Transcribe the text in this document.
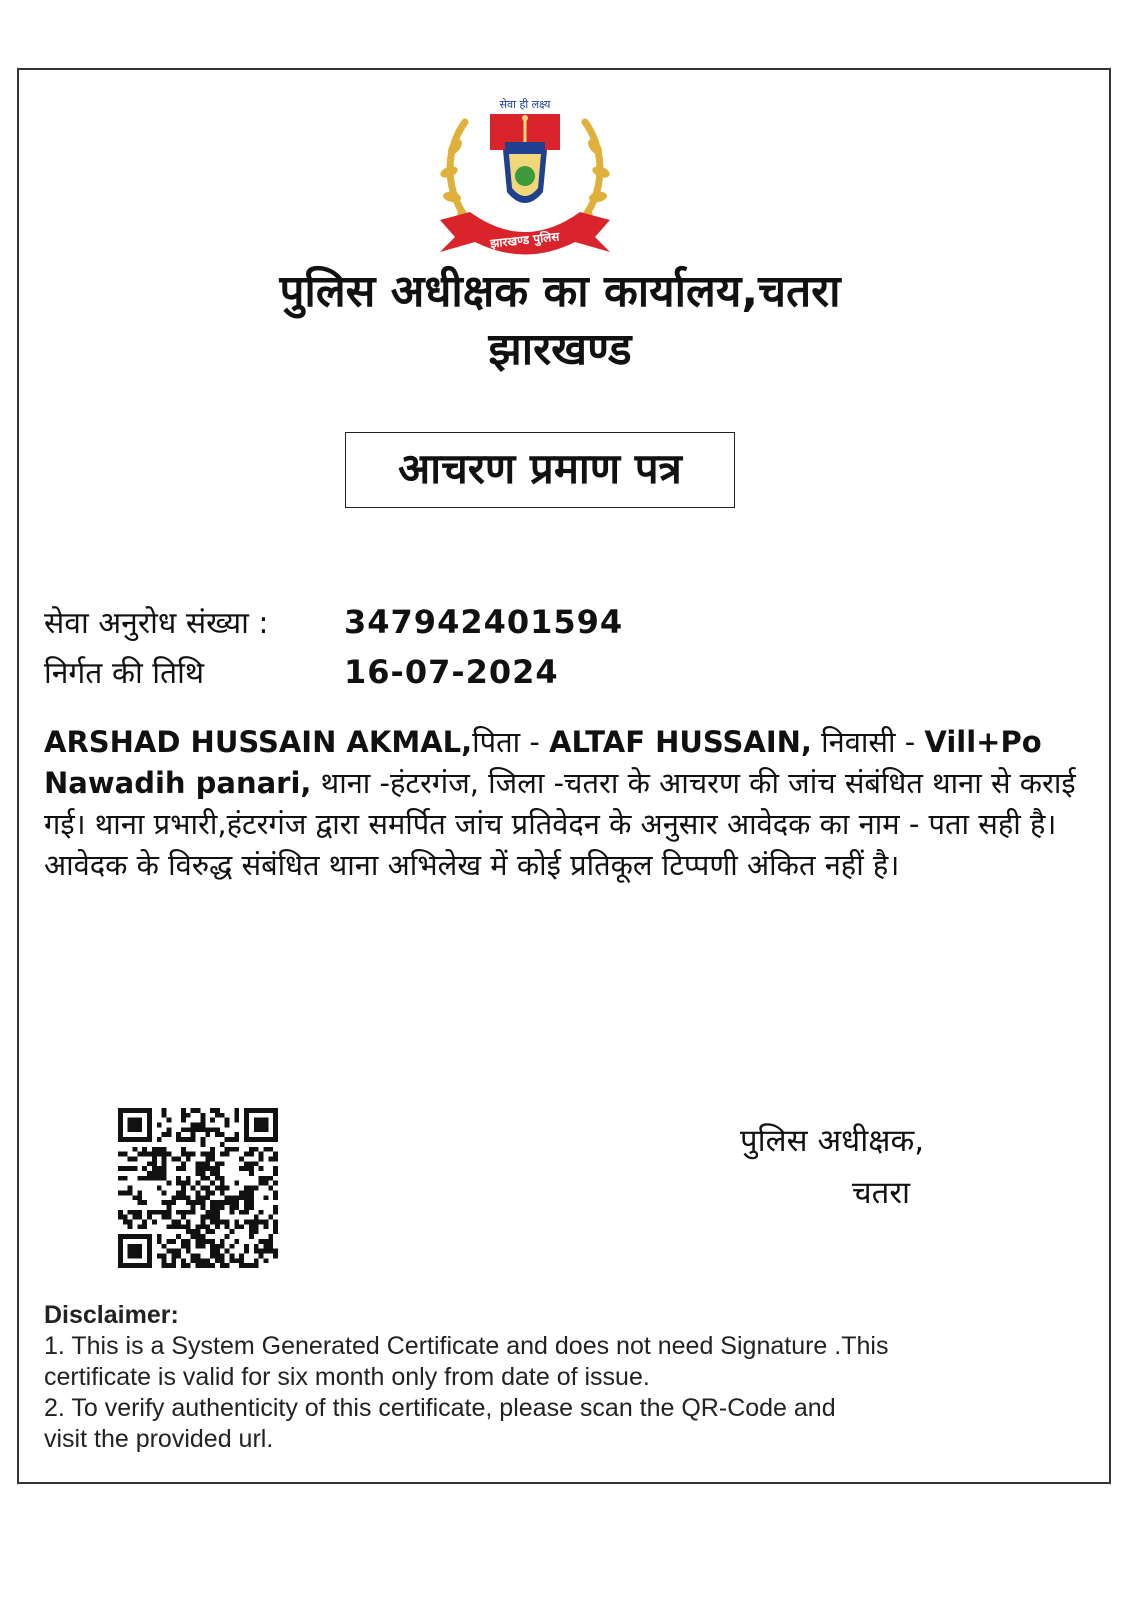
सेवा ही लक्ष्य
झारखण्ड पुलिस
पुलिस अधीक्षक का कार्यालय,चतरा
झारखण्ड
आचरण प्रमाण पत्र
सेवा अनुरोध संख्या : 347942401594
निर्गत की तिथि	16-07-2024
ARSHAD HUSSAIN AKMAL,पिता - ALTAF HUSSAIN, निवासी - Vill+Po Nawadih panari, थाना -हंटरगंज, जिला -चतरा के आचरण की जांच संबंधित थाना से कराई गई। थाना प्रभारी,हंटरगंज द्वारा समर्पित जांच प्रतिवेदन के अनुसार आवेदक का नाम - पता सही है। आवेदक के विरुद्ध संबंधित थाना अभिलेख में कोई प्रतिकूल टिप्पणी अंकित नहीं है।
पुलिस अधीक्षक,
चतरा
Disclaimer:
1. This is a System Generated Certificate and does not need Signature .This
certificate is valid for six month only from date of issue.
2. To verify authenticity of this certificate, please scan the QR-Code and
visit the provided url.
